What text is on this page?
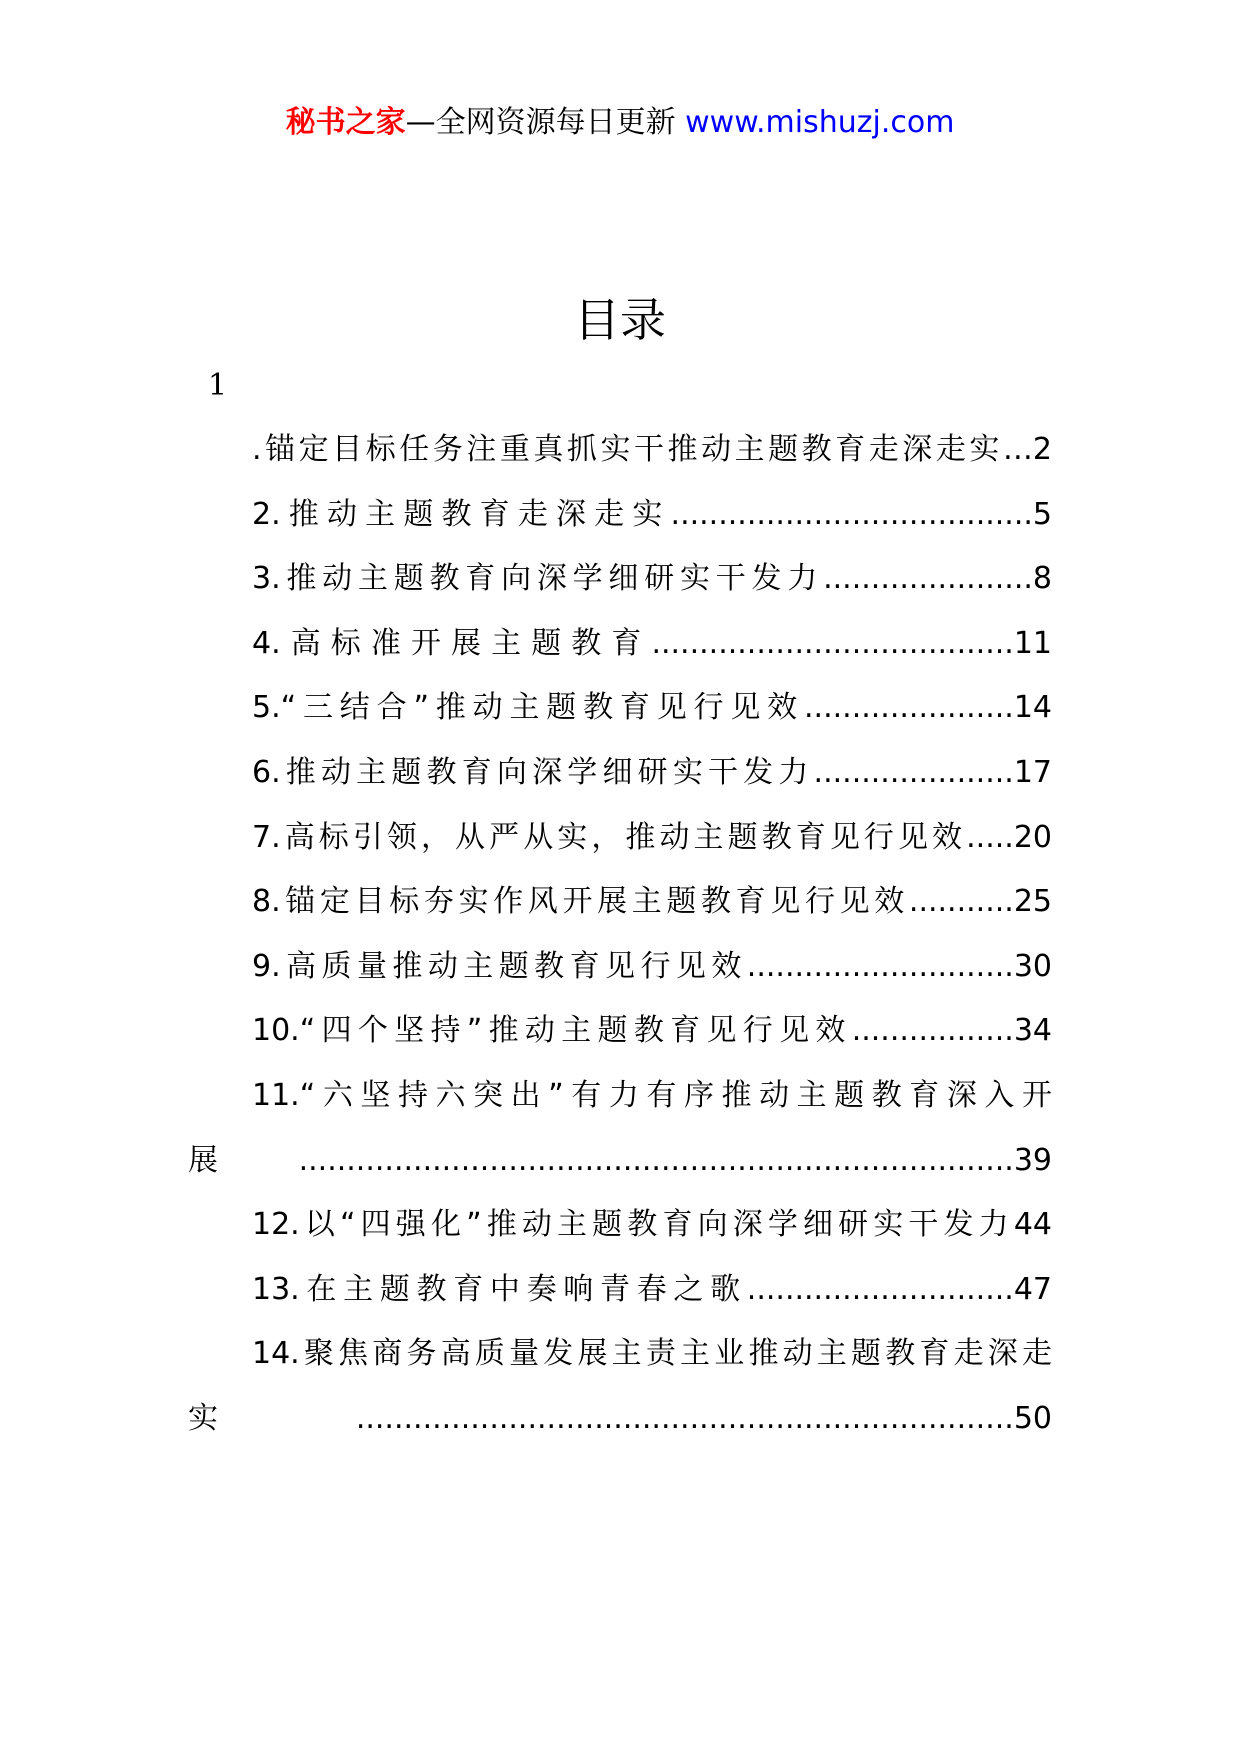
秘书之家—全网资源每日更新 www.mishuzj.com
目录
1
.锚定目标任务注重真抓实干推动主题教育走深走实…2
2.推动主题教育走深走实......................................5
3.推动主题教育向深学细研实干发力......................8
4.高标准开展主题教育......................................11
5.“三结合”推动主题教育见行见效......................14
6.推动主题教育向深学细研实干发力.....................17
7.高标引领，从严从实，推动主题教育见行见效.....20
8.锚定目标夯实作风开展主题教育见行见效...........25
9.高质量推动主题教育见行见效............................30
10.“四个坚持”推动主题教育见行见效.................34
11.“六坚持六突出”有力有序推动主题教育深入开展...........................................................................39
12.以“四强化”推动主题教育向深学细研实干发力44
13.在主题教育中奏响青春之歌............................47
14.聚焦商务高质量发展主责主业推动主题教育走深走实.....................................................................50
